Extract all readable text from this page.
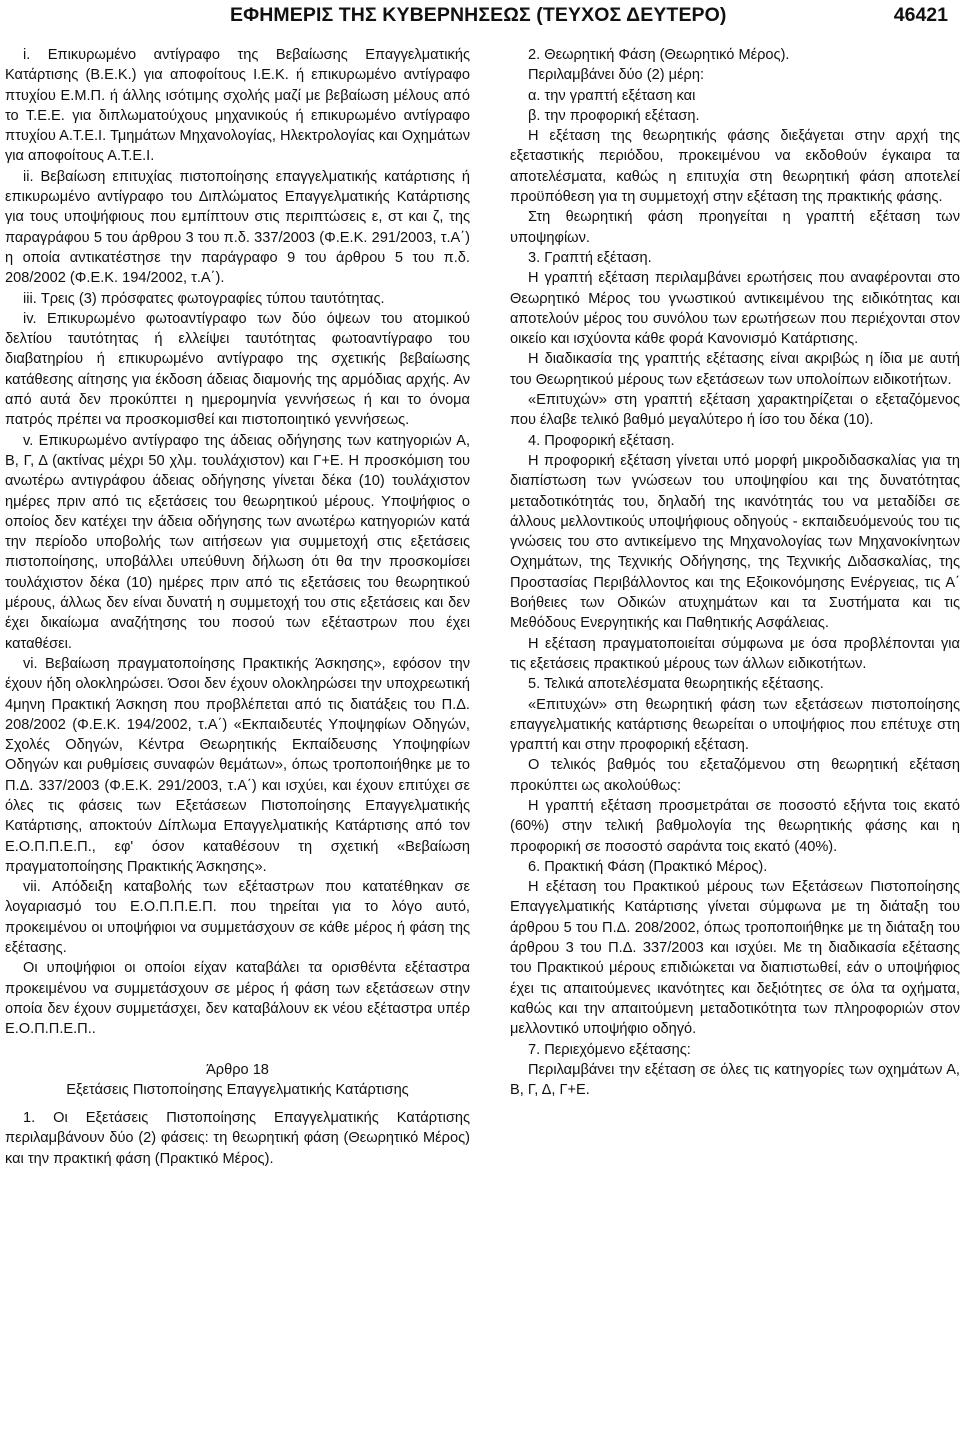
ΕΦΗΜΕΡΙΣ ΤΗΣ ΚΥΒΕΡΝΗΣΕΩΣ (ΤΕΥΧΟΣ ΔΕΥΤΕΡΟ)	46421

i. Επικυρωμένο αντίγραφο της Βεβαίωσης Επαγγελματικής Κατάρτισης (Β.Ε.Κ.) για αποφοίτους Ι.Ε.Κ. ή επικυρωμένο αντίγραφο πτυχίου Ε.Μ.Π. ή άλλης ισότιμης σχολής μαζί με βεβαίωση μέλους από το Τ.Ε.Ε. για διπλωματούχους μηχανικούς ή επικυρωμένο αντίγραφο πτυχίου Α.Τ.Ε.Ι. Τμημάτων Μηχανολογίας, Ηλεκτρολογίας και Οχημάτων για αποφοίτους Α.Τ.Ε.Ι.

ii. Βεβαίωση επιτυχίας πιστοποίησης επαγγελματικής κατάρτισης ή επικυρωμένο αντίγραφο του Διπλώματος Επαγγελματικής Κατάρτισης για τους υποψήφιους που εμπίπτουν στις περιπτώσεις ε, στ και ζ, της παραγράφου 5 του άρθρου 3 του π.δ. 337/2003 (Φ.Ε.Κ. 291/2003, τ.Α΄) η οποία αντικατέστησε την παράγραφο 9 του άρθρου 5 του π.δ. 208/2002 (Φ.Ε.Κ. 194/2002, τ.Α΄).

iii. Τρεις (3) πρόσφατες φωτογραφίες τύπου ταυτότητας.

iv. Επικυρωμένο φωτοαντίγραφο των δύο όψεων του ατομικού δελτίου ταυτότητας ή ελλείψει ταυτότητας φωτοαντίγραφο του διαβατηρίου ή επικυρωμένο αντίγραφο της σχετικής βεβαίωσης κατάθεσης αίτησης για έκδοση άδειας διαμονής της αρμόδιας αρχής. Αν από αυτά δεν προκύπτει η ημερομηνία γεννήσεως ή και το όνομα πατρός πρέπει να προσκομισθεί και πιστοποιητικό γεννήσεως.

v. Επικυρωμένο αντίγραφο της άδειας οδήγησης των κατηγοριών Α, Β, Γ, Δ (ακτίνας μέχρι 50 χλμ. τουλάχιστον) και Γ+Ε. Η προσκόμιση του ανωτέρω αντιγράφου άδειας οδήγησης γίνεται δέκα (10) τουλάχιστον ημέρες πριν από τις εξετάσεις του θεωρητικού μέρους. Υποψήφιος ο οποίος δεν κατέχει την άδεια οδήγησης των ανωτέρω κατηγοριών κατά την περίοδο υποβολής των αιτήσεων για συμμετοχή στις εξετάσεις πιστοποίησης, υποβάλλει υπεύθυνη δήλωση ότι θα την προσκομίσει τουλάχιστον δέκα (10) ημέρες πριν από τις εξετάσεις του θεωρητικού μέρους, άλλως δεν είναι δυνατή η συμμετοχή του στις εξετάσεις και δεν έχει δικαίωμα αναζήτησης του ποσού των εξέταστρων που έχει καταθέσει.

vi. Βεβαίωση πραγματοποίησης Πρακτικής Άσκησης», εφόσον την έχουν ήδη ολοκληρώσει. Όσοι δεν έχουν ολοκληρώσει την υποχρεωτική 4μηνη Πρακτική Άσκηση που προβλέπεται από τις διατάξεις του Π.Δ. 208/2002 (Φ.Ε.Κ. 194/2002, τ.Α΄) «Εκπαιδευτές Υποψηφίων Οδηγών, Σχολές Οδηγών, Κέντρα Θεωρητικής Εκπαίδευσης Υποψηφίων Οδηγών και ρυθμίσεις συναφών θεμάτων», όπως τροποποιήθηκε με το Π.Δ. 337/2003 (Φ.Ε.Κ. 291/2003, τ.Α΄) και ισχύει, και έχουν επιτύχει σε όλες τις φάσεις των Εξετάσεων Πιστοποίησης Επαγγελματικής Κατάρτισης, αποκτούν Δίπλωμα Επαγγελματικής Κατάρτισης από τον Ε.Ο.Π.Π.Ε.Π., εφ' όσον καταθέσουν τη σχετική «Βεβαίωση πραγματοποίησης Πρακτικής Άσκησης».

vii. Απόδειξη καταβολής των εξέταστρων που κατατέθηκαν σε λογαριασμό του Ε.Ο.Π.Π.Ε.Π. που τηρείται για το λόγο αυτό, προκειμένου οι υποψήφιοι να συμμετάσχουν σε κάθε μέρος ή φάση της εξέτασης.

Οι υποψήφιοι οι οποίοι είχαν καταβάλει τα ορισθέντα εξέταστρα προκειμένου να συμμετάσχουν σε μέρος ή φάση των εξετάσεων στην οποία δεν έχουν συμμετάσχει, δεν καταβάλουν εκ νέου εξέταστρα υπέρ Ε.Ο.Π.Π.Ε.Π..

Άρθρο 18

Εξετάσεις Πιστοποίησης Επαγγελματικής Κατάρτισης

1. Οι Εξετάσεις Πιστοποίησης Επαγγελματικής Κατάρτισης περιλαμβάνουν δύο (2) φάσεις: τη θεωρητική φάση (Θεωρητικό Μέρος) και την πρακτική φάση (Πρακτικό Μέρος).

2. Θεωρητική Φάση (Θεωρητικό Μέρος).

Περιλαμβάνει δύο (2) μέρη:

α. την γραπτή εξέταση και

β. την προφορική εξέταση.

Η εξέταση της θεωρητικής φάσης διεξάγεται στην αρχή της εξεταστικής περιόδου, προκειμένου να εκδοθούν έγκαιρα τα αποτελέσματα, καθώς η επιτυχία στη θεωρητική φάση αποτελεί προϋπόθεση για τη συμμετοχή στην εξέταση της πρακτικής φάσης.

Στη θεωρητική φάση προηγείται η γραπτή εξέταση των υποψηφίων.

3. Γραπτή εξέταση.

Η γραπτή εξέταση περιλαμβάνει ερωτήσεις που αναφέρονται στο Θεωρητικό Μέρος του γνωστικού αντικειμένου της ειδικότητας και αποτελούν μέρος του συνόλου των ερωτήσεων που περιέχονται στον οικείο και ισχύοντα κάθε φορά Κανονισμό Κατάρτισης.

Η διαδικασία της γραπτής εξέτασης είναι ακριβώς η ίδια με αυτή του Θεωρητικού μέρους των εξετάσεων των υπολοίπων ειδικοτήτων.

«Επιτυχών» στη γραπτή εξέταση χαρακτηρίζεται ο εξεταζόμενος που έλαβε τελικό βαθμό μεγαλύτερο ή ίσο του δέκα (10).

4. Προφορική εξέταση.

Η προφορική εξέταση γίνεται υπό μορφή μικροδιδασκαλίας για τη διαπίστωση των γνώσεων του υποψηφίου και της δυνατότητας μεταδοτικότητάς του, δηλαδή της ικανότητάς του να μεταδίδει σε άλλους μελλοντικούς υποψήφιους οδηγούς - εκπαιδευόμενούς του τις γνώσεις του στο αντικείμενο της Μηχανολογίας των Μηχανοκίνητων Οχημάτων, της Τεχνικής Οδήγησης, της Τεχνικής Διδασκαλίας, της Προστασίας Περιβάλλοντος και της Εξοικονόμησης Ενέργειας, τις Α΄ Βοήθειες των Οδικών ατυχημάτων και τα Συστήματα και τις Μεθόδους Ενεργητικής και Παθητικής Ασφάλειας.

Η εξέταση πραγματοποιείται σύμφωνα με όσα προβλέπονται για τις εξετάσεις πρακτικού μέρους των άλλων ειδικοτήτων.

5. Τελικά αποτελέσματα θεωρητικής εξέτασης.

«Επιτυχών» στη θεωρητική φάση των εξετάσεων πιστοποίησης επαγγελματικής κατάρτισης θεωρείται ο υποψήφιος που επέτυχε στη γραπτή και στην προφορική εξέταση.

Ο τελικός βαθμός του εξεταζόμενου στη θεωρητική εξέταση προκύπτει ως ακολούθως:

Η γραπτή εξέταση προσμετράται σε ποσοστό εξήντα τοις εκατό (60%) στην τελική βαθμολογία της θεωρητικής φάσης και η προφορική σε ποσοστό σαράντα τοις εκατό (40%).

6. Πρακτική Φάση (Πρακτικό Μέρος).

Η εξέταση του Πρακτικού μέρους των Εξετάσεων Πιστοποίησης Επαγγελματικής Κατάρτισης γίνεται σύμφωνα με τη διάταξη του άρθρου 5 του Π.Δ. 208/2002, όπως τροποποιήθηκε με τη διάταξη του άρθρου 3 του Π.Δ. 337/2003 και ισχύει. Με τη διαδικασία εξέτασης του Πρακτικού μέρους επιδιώκεται να διαπιστωθεί, εάν ο υποψήφιος έχει τις απαιτούμενες ικανότητες και δεξιότητες σε όλα τα οχήματα, καθώς και την απαιτούμενη μεταδοτικότητα των πληροφοριών στον μελλοντικό υποψήφιο οδηγό.

7. Περιεχόμενο εξέτασης:

Περιλαμβάνει την εξέταση σε όλες τις κατηγορίες των οχημάτων Α, Β, Γ, Δ, Γ+Ε.
